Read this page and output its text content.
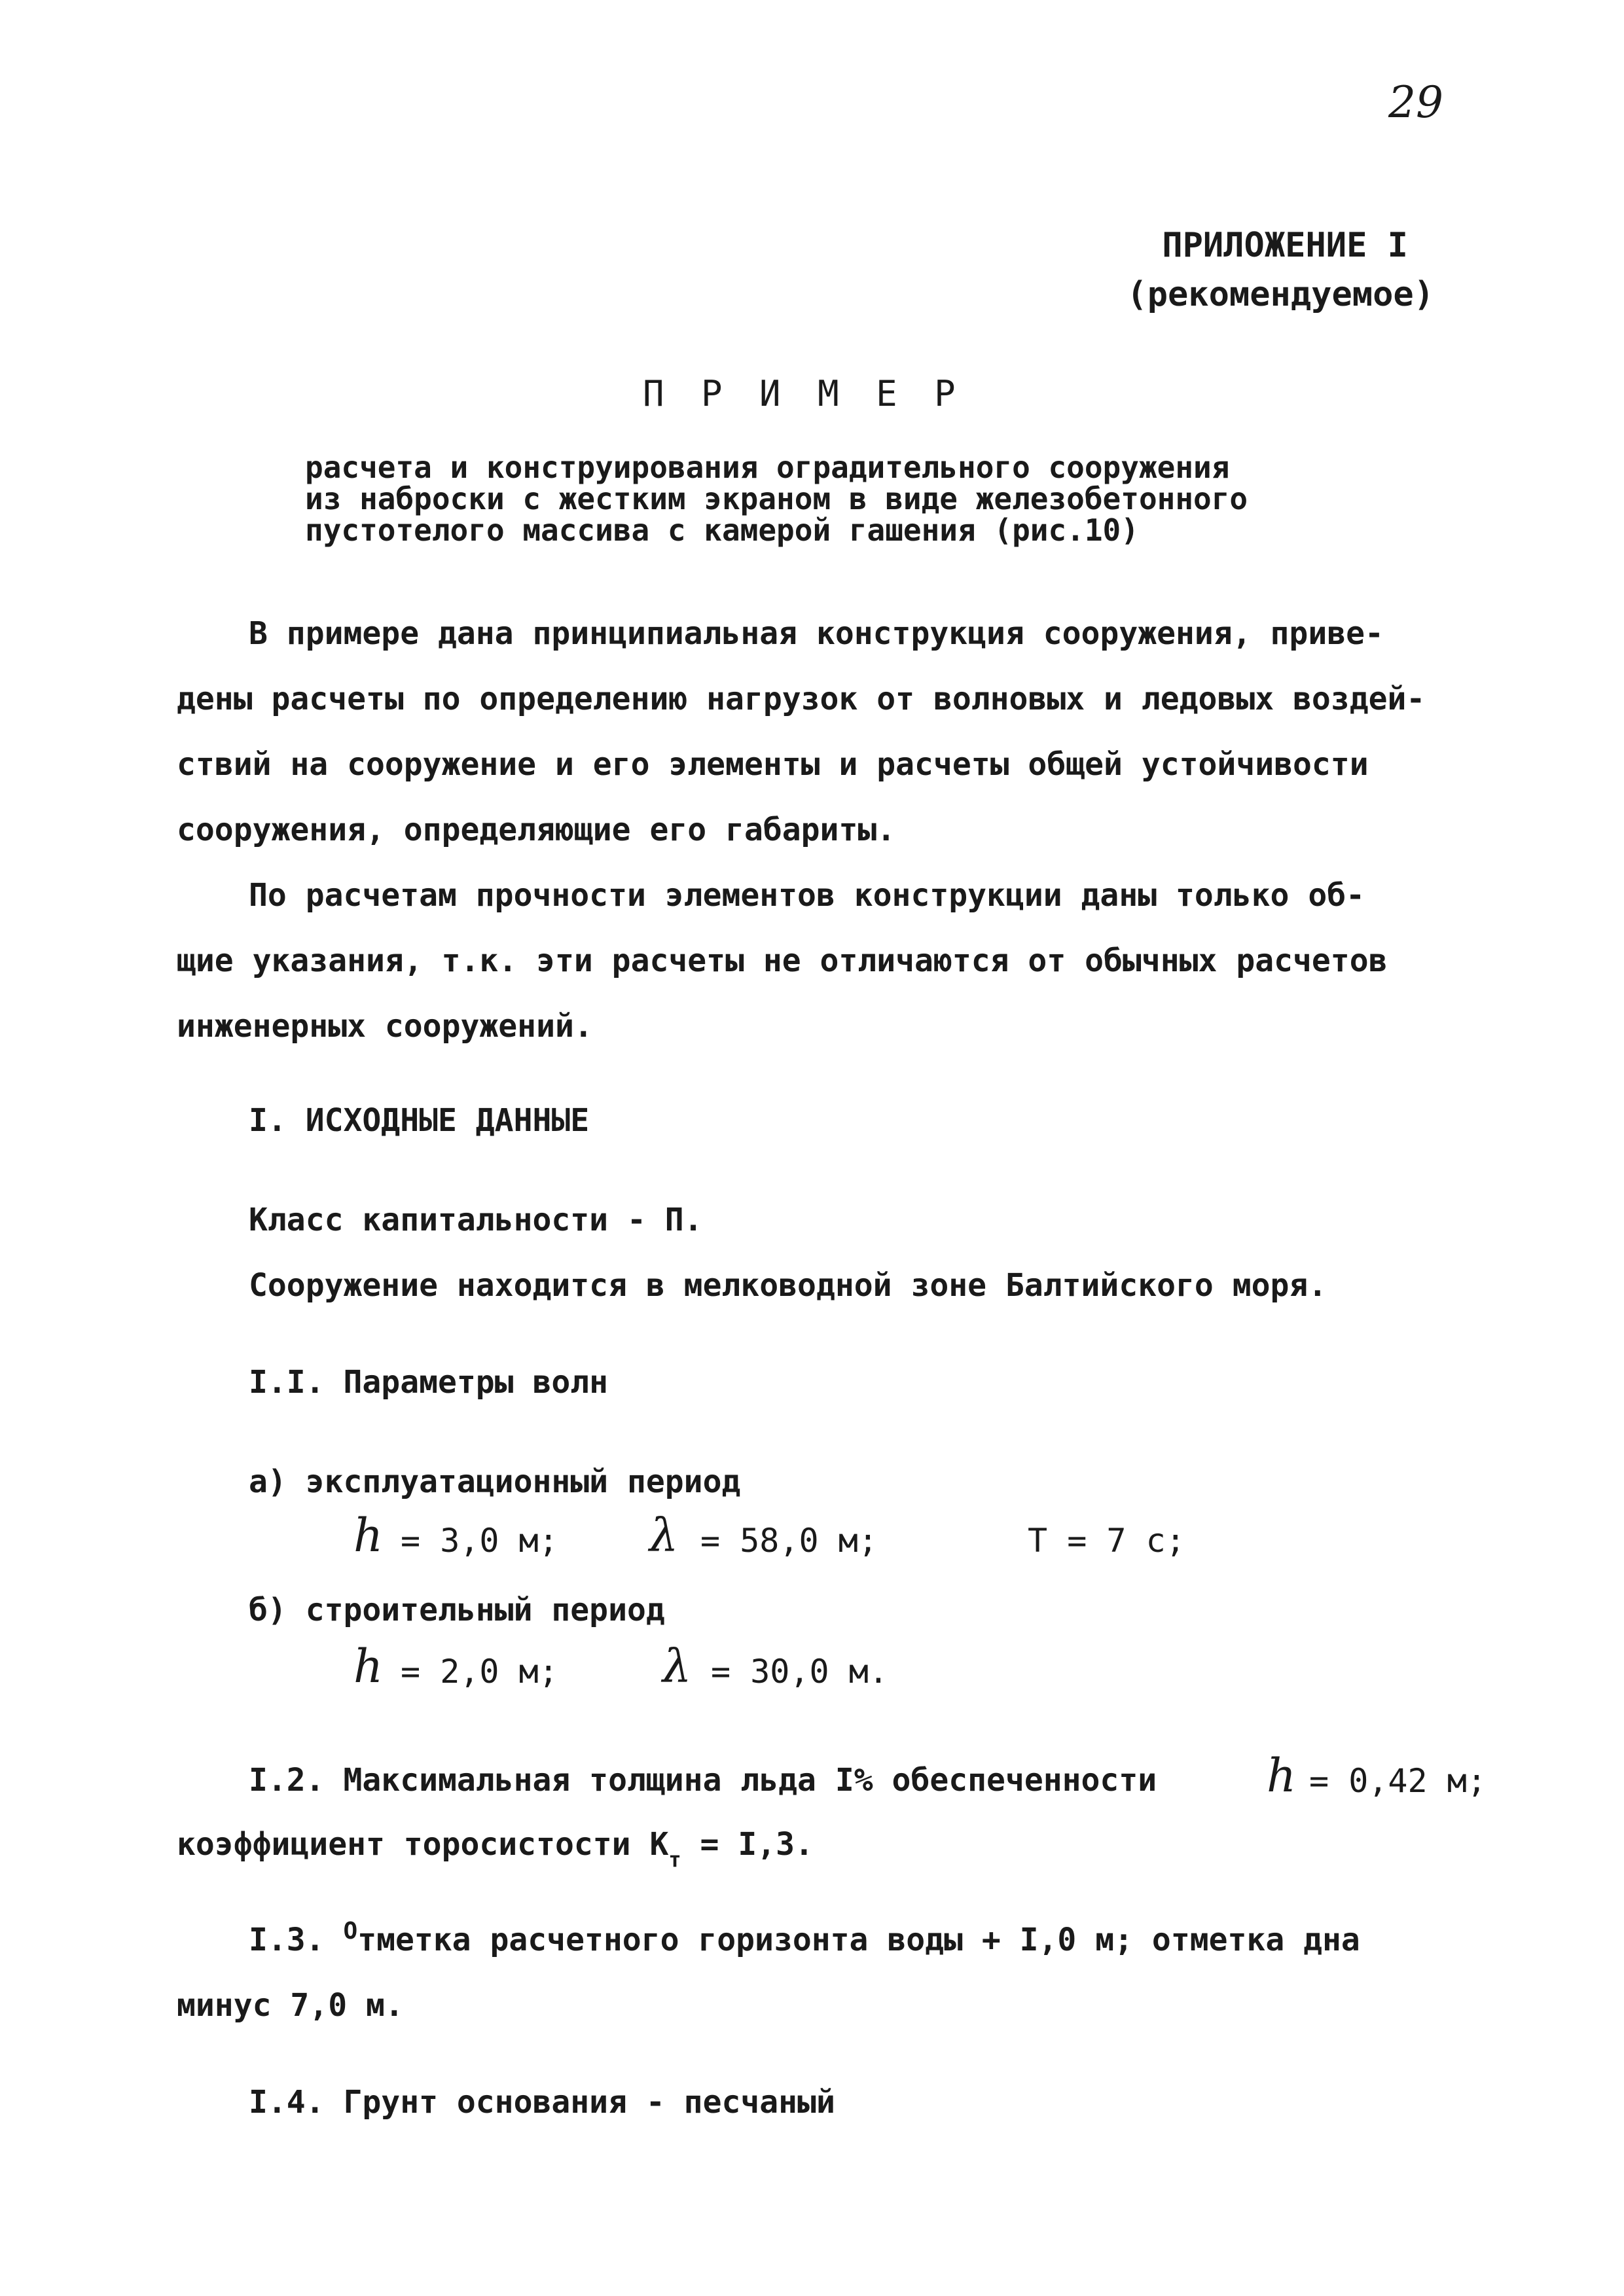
29
ПРИЛОЖЕНИЕ I
(рекомендуемое)
П Р И М Е Р
расчета и конструирования оградительного сооружения
из наброски с жестким экраном в виде железобетонного
пустотелого массива с камерой гашения (рис.10)
В примере дана принципиальная конструкция сооружения, приве-
дены расчеты по определению нагрузок от волновых и ледовых воздей-
ствий на сооружение и его элементы и расчеты общей устойчивости
сооружения, определяющие его габариты.
По расчетам прочности элементов конструкции даны только об-
щие указания, т.к. эти расчеты не отличаются от обычных расчетов
инженерных сооружений.
I. ИСХОДНЫЕ ДАННЫЕ
Класс капитальности - П.
Сооружение находится в мелководной зоне Балтийского моря.
I.I. Параметры волн
а) эксплуатационный период
h = 3,0 м; λ = 58,0 м;	T = 7 с;
б) строительный период
h = 2,0 м; λ = 30,0 м.
I.2. Максимальная толщина льда I% обеспеченности h = 0,42 м;
коэффициент торосистости $К_т = I,3$.
I.3. $^О$тметка расчетного горизонта воды + I,0 м; отметка дна
минус 7,0 м.
I.4. Грунт основания - песчаный
